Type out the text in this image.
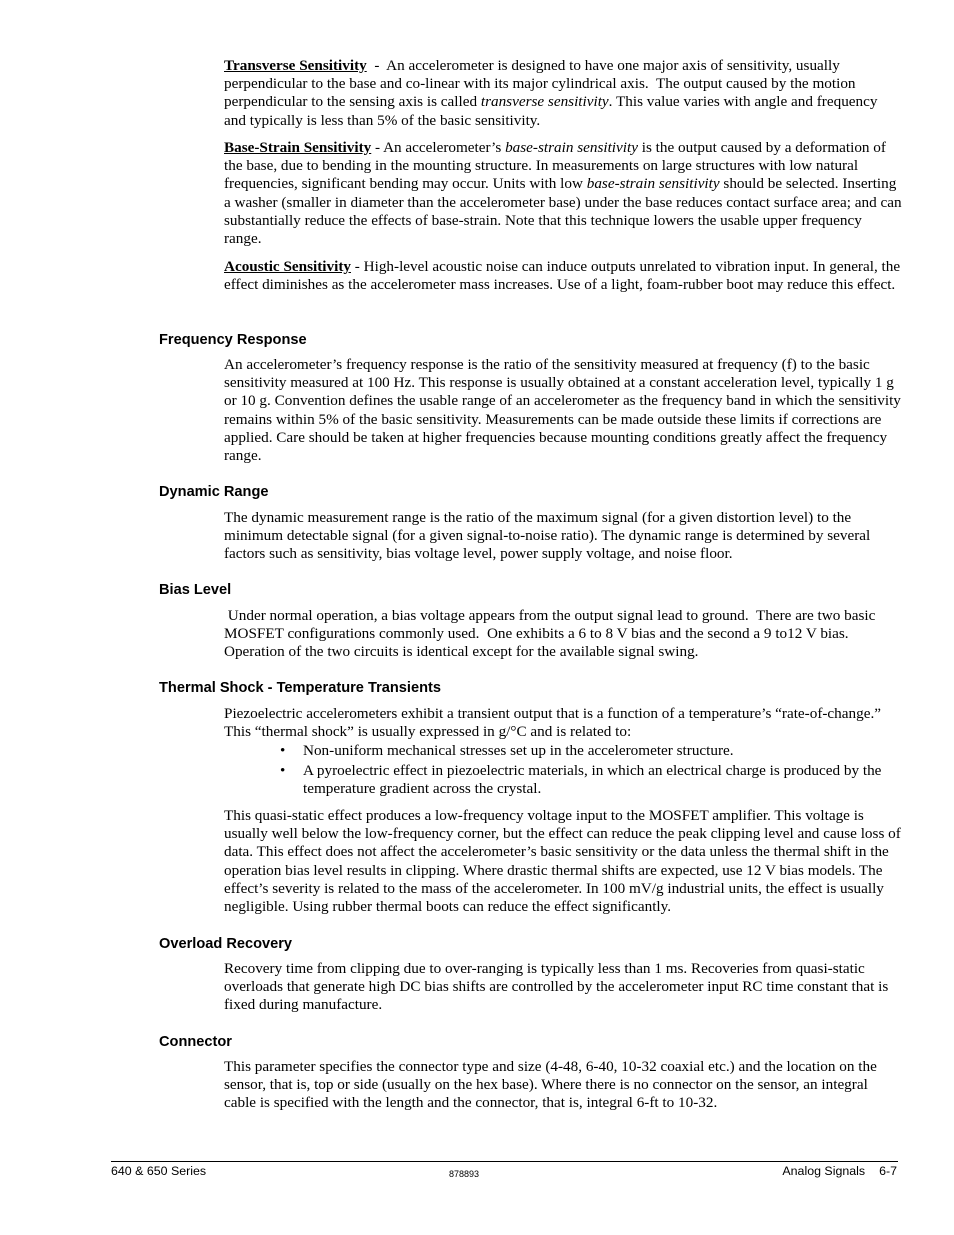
Transverse Sensitivity  -  An accelerometer is designed to have one major axis of sensitivity, usually perpendicular to the base and co-linear with its major cylindrical axis.  The output caused by the motion perpendicular to the sensing axis is called transverse sensitivity. This value varies with angle and frequency and typically is less than 5% of the basic sensitivity.

Base-Strain Sensitivity - An accelerometer’s base-strain sensitivity is the output caused by a deformation of the base, due to bending in the mounting structure. In measurements on large structures with low natural frequencies, significant bending may occur. Units with low base-strain sensitivity should be selected. Inserting a washer (smaller in diameter than the accelerometer base) under the base reduces contact surface area; and can substantially reduce the effects of base-strain. Note that this technique lowers the usable upper frequency range.

Acoustic Sensitivity - High-level acoustic noise can induce outputs unrelated to vibration input. In general, the effect diminishes as the accelerometer mass increases. Use of a light, foam-rubber boot may reduce this effect.

Frequency Response

An accelerometer’s frequency response is the ratio of the sensitivity measured at frequency (f) to the basic sensitivity measured at 100 Hz. This response is usually obtained at a constant acceleration level, typically 1 g or 10 g. Convention defines the usable range of an accelerometer as the frequency band in which the sensitivity remains within 5% of the basic sensitivity. Measurements can be made outside these limits if corrections are applied. Care should be taken at higher frequencies because mounting conditions greatly affect the frequency range.

Dynamic Range

The dynamic measurement range is the ratio of the maximum signal (for a given distortion level) to the minimum detectable signal (for a given signal-to-noise ratio). The dynamic range is determined by several factors such as sensitivity, bias voltage level, power supply voltage, and noise floor.

Bias Level

Under normal operation, a bias voltage appears from the output signal lead to ground.  There are two basic MOSFET configurations commonly used.  One exhibits a 6 to 8 V bias and the second a 9 to12 V bias.  Operation of the two circuits is identical except for the available signal swing.

Thermal Shock - Temperature Transients

Piezoelectric accelerometers exhibit a transient output that is a function of a temperature’s “rate-of-change.” This “thermal shock” is usually expressed in g/°C and is related to:

• Non-uniform mechanical stresses set up in the accelerometer structure.
• A pyroelectric effect in piezoelectric materials, in which an electrical charge is produced by the temperature gradient across the crystal.

This quasi-static effect produces a low-frequency voltage input to the MOSFET amplifier. This voltage is usually well below the low-frequency corner, but the effect can reduce the peak clipping level and cause loss of data. This effect does not affect the accelerometer’s basic sensitivity or the data unless the thermal shift in the operation bias level results in clipping. Where drastic thermal shifts are expected, use 12 V bias models. The effect’s severity is related to the mass of the accelerometer. In 100 mV/g industrial units, the effect is usually negligible. Using rubber thermal boots can reduce the effect significantly.

Overload Recovery

Recovery time from clipping due to over-ranging is typically less than 1 ms. Recoveries from quasi-static overloads that generate high DC bias shifts are controlled by the accelerometer input RC time constant that is fixed during manufacture.

Connector

This parameter specifies the connector type and size (4-48, 6-40, 10-32 coaxial etc.) and the location on the sensor, that is, top or side (usually on the hex base). Where there is no connector on the sensor, an integral cable is specified with the length and the connector, that is, integral 6-ft to 10-32.

640 & 650 Series	878893	Analog Signals 6-7
